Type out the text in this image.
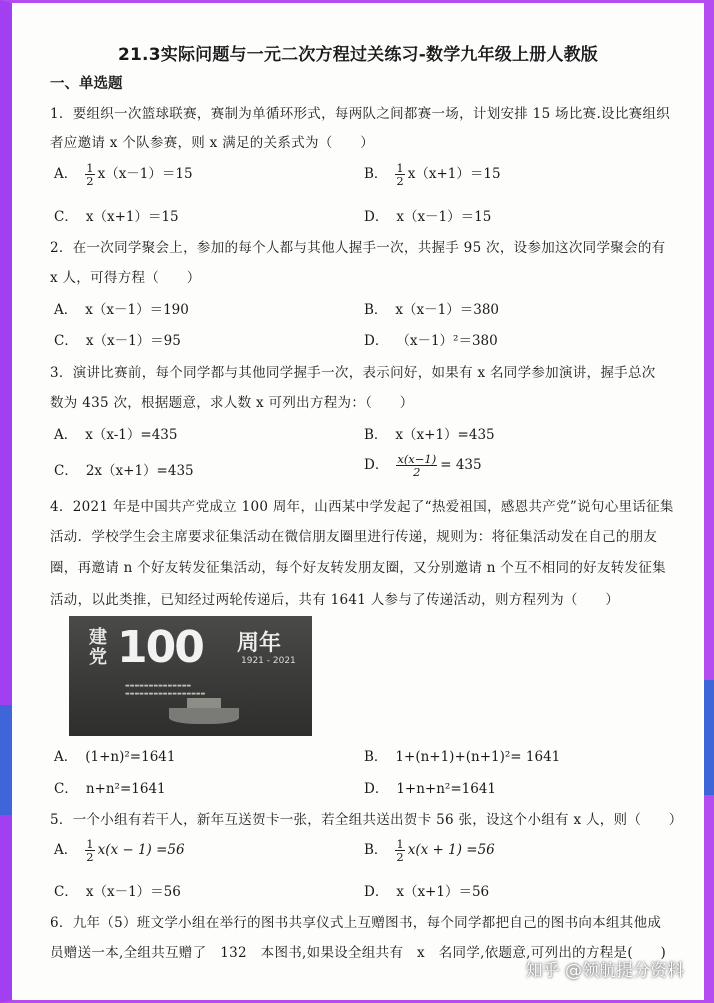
21.3实际问题与一元二次方程过关练习-数学九年级上册人教版
一、单选题
1．要组织一次篮球联赛，赛制为单循环形式，每两队之间都赛一场，计划安排 15 场比赛.设比赛组织
者应邀请 x 个队参赛，则 x 满足的关系式为（　　）
A． $\frac{1}{2} x(x-1)=15$	B． $\frac{1}{2} x(x+1)=15$
C． x（x+1）＝15	D． x（x－1）＝15
2．在一次同学聚会上，参加的每个人都与其他人握手一次，共握手 95 次，设参加这次同学聚会的有
x 人，可得方程（　　）
A． x（x－1）＝190	B． x（x－1）＝380
C． x（x－1）＝95	D． （x－1）²＝380
3．演讲比赛前，每个同学都与其他同学握手一次，表示问好，如果有 x 名同学参加演讲，握手总次
数为 435 次，根据题意，求人数 x 可列出方程为：（　　）
A． x（x-1）=435	B． x（x+1）=435
C． 2x（x+1）=435	D． $\frac{x(x-1)}{2} = 435$
4．2021 年是中国共产党成立 100 周年，山西某中学发起了“热爱祖国，感恩共产党”说句心里话征集
活动．学校学生会主席要求征集活动在微信朋友圈里进行传递，规则为：将征集活动发在自己的朋友
圈，再邀请 n 个好友转发征集活动，每个好友转发朋友圈，又分别邀请 n 个互不相同的好友转发征集
活动，以此类推，已知经过两轮传递后，共有 1641 人参与了传递活动，则方程列为（　　）
建党 100 周年
1921 - 2021
▬▬▬▬▬▬▬▬▬▬▬▬▬▬
▬▬▬▬▬▬▬▬▬▬▬▬▬▬▬▬▬
A． (1+n)²=1641	B． 1+(n+1)+(n+1)²= 1641
C． n+n²=1641	D． 1+n+n²=1641
5．一个小组有若干人，新年互送贺卡一张，若全组共送出贺卡 56 张，设这个小组有 x 人，则（　　）
A． $\frac{1}{2} x(x - 1) =56$	B． $\frac{1}{2} x(x + 1) =56$
C． x（x－1）＝56	D． x（x+1）＝56
6．九年（5）班文学小组在举行的图书共享仪式上互赠图书，每个同学都把自己的图书向本组其他成
员赠送一本,全组共互赠了　132　本图书,如果设全组共有　x　名同学,依题意,可列出的方程是(　　)
知乎 @领航提分资料
